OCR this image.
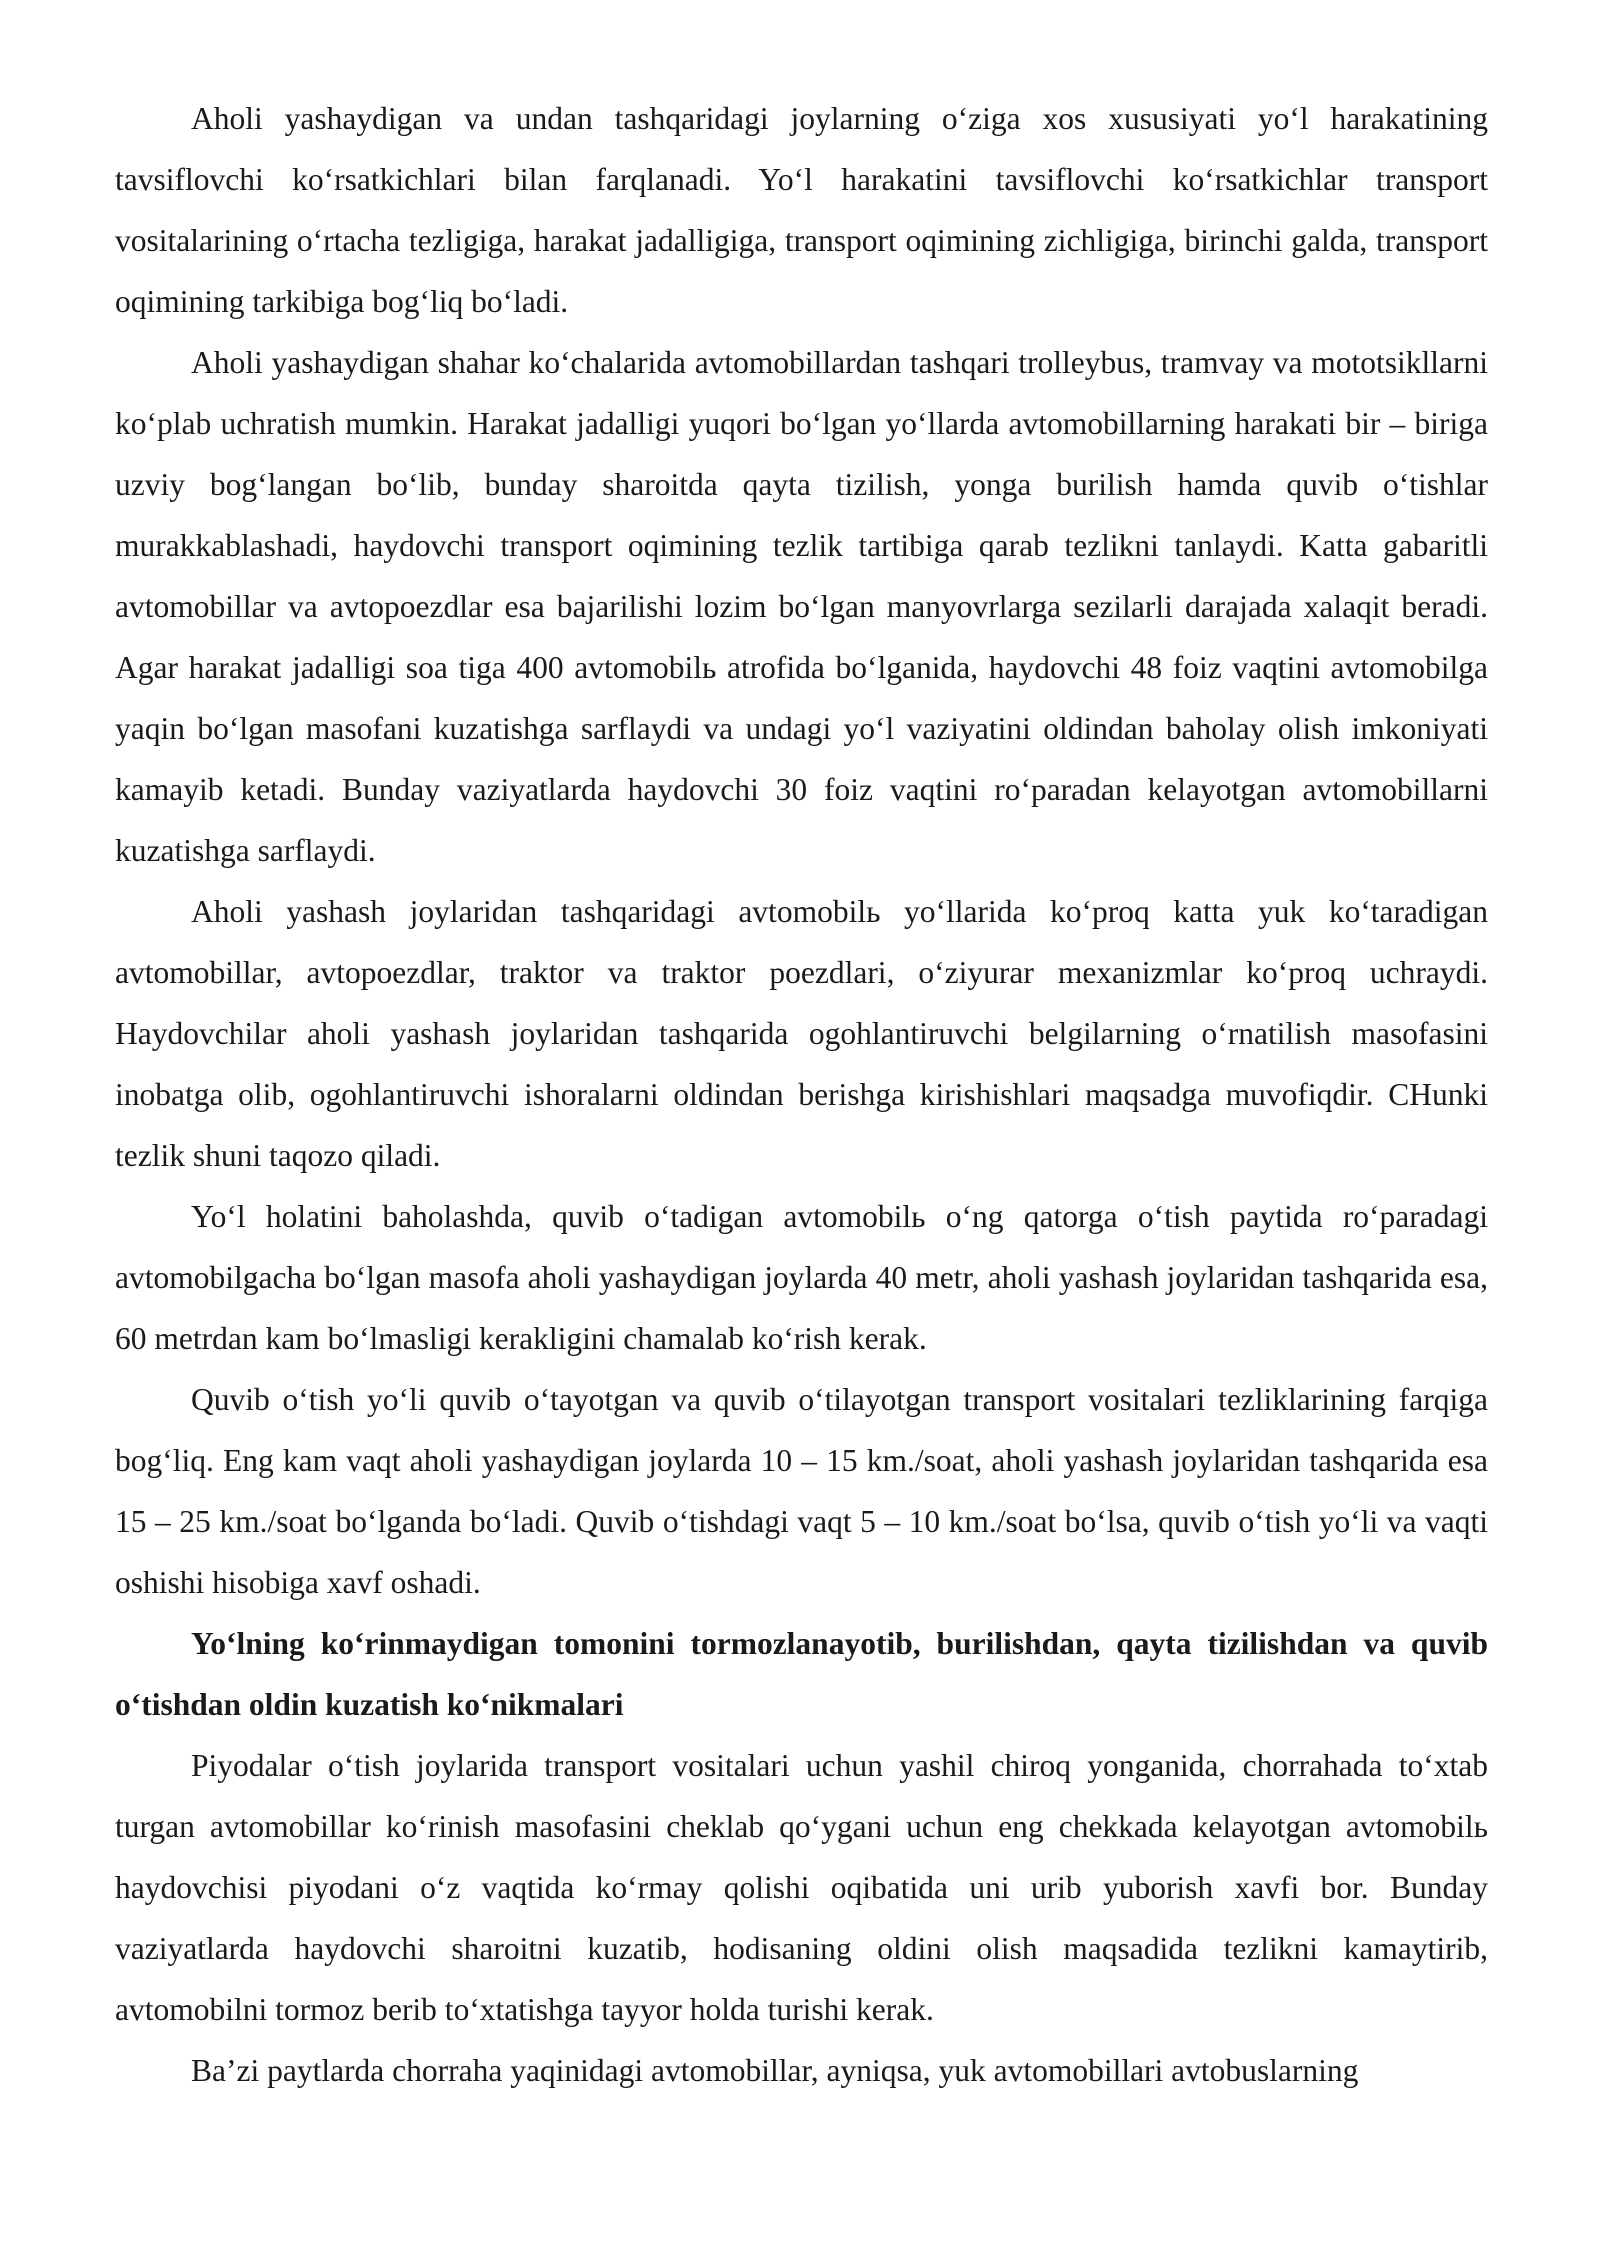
Aholi yashaydigan va undan tashqaridagi joylarning o‘ziga xos xususiyati yo‘l harakatining tavsiflovchi ko‘rsatkichlari bilan farqlanadi. Yo‘l harakatini tavsiflovchi ko‘rsatkichlar transport vositalarining o‘rtacha tezligiga, harakat jadalligiga, transport oqimining zichligiga, birinchi galda, transport oqimining tarkibiga bog‘liq bo‘ladi.

Aholi yashaydigan shahar ko‘chalarida avtomobillardan tashqari trolleybus, tramvay va mototsikllarni ko‘plab uchratish mumkin. Harakat jadalligi yuqori bo‘lgan yo‘llarda avtomobillarning harakati bir – biriga uzviy bog‘langan bo‘lib, bunday sharoitda qayta tizilish, yonga burilish hamda quvib o‘tishlar murakkablashadi, haydovchi transport oqimining tezlik tartibiga qarab tezlikni tanlaydi. Katta gabaritli avtomobillar va avtopoezdlar esa bajarilishi lozim bo‘lgan manyovrlarga sezilarli darajada xalaqit beradi. Agar harakat jadalligi soa tiga 400 avtomobilь atrofida bo‘lganida, haydovchi 48 foiz vaqtini avtomobilga yaqin bo‘lgan masofani kuzatishga sarflaydi va undagi yo‘l vaziyatini oldindan baholay olish imkoniyati kamayib ketadi. Bunday vaziyatlarda haydovchi 30 foiz vaqtini ro‘paradan kelayotgan avtomobillarni kuzatishga sarflaydi.

Aholi yashash joylaridan tashqaridagi avtomobilь yo‘llarida ko‘proq katta yuk ko‘taradigan avtomobillar, avtopoezdlar, traktor va traktor poezdlari, o‘ziyurar mexanizmlar ko‘proq uchraydi. Haydovchilar aholi yashash joylaridan tashqarida ogohlantiruvchi belgilarning o‘rnatilish masofasini inobatga olib, ogohlantiruvchi ishoralarni oldindan berishga kirishishlari maqsadga muvofiqdir. CHunki tezlik shuni taqozo qiladi.

Yo‘l holatini baholashda, quvib o‘tadigan avtomobilь o‘ng qatorga o‘tish paytida ro‘paradagi avtomobilgacha bo‘lgan masofa aholi yashaydigan joylarda 40 metr, aholi yashash joylaridan tashqarida esa, 60 metrdan kam bo‘lmasligi kerakligini chamalab ko‘rish kerak.

Quvib o‘tish yo‘li quvib o‘tayotgan va quvib o‘tilayotgan transport vositalari tezliklarining farqiga bog‘liq. Eng kam vaqt aholi yashaydigan joylarda 10 – 15 km./soat, aholi yashash joylaridan tashqarida esa 15 – 25 km./soat bo‘lganda bo‘ladi. Quvib o‘tishdagi vaqt 5 – 10 km./soat bo‘lsa, quvib o‘tish yo‘li va vaqti oshishi hisobiga xavf oshadi.

Yo‘lning ko‘rinmaydigan tomonini tormozlanayotib, burilishdan, qayta tizilishdan va quvib o‘tishdan oldin kuzatish ko‘nikmalari

Piyodalar o‘tish joylarida transport vositalari uchun yashil chiroq yonganida, chorrahada to‘xtab turgan avtomobillar ko‘rinish masofasini cheklab qo‘ygani uchun eng chekkada kelayotgan avtomobilь haydovchisi piyodani o‘z vaqtida ko‘rmay qolishi oqibatida uni urib yuborish xavfi bor. Bunday vaziyatlarda haydovchi sharoitni kuzatib, hodisaning oldini olish maqsadida tezlikni kamaytirib, avtomobilni tormoz berib to‘xtatishga tayyor holda turishi kerak.

Ba’zi paytlarda chorraha yaqinidagi avtomobillar, ayniqsa, yuk avtomobillari avtobuslarning
